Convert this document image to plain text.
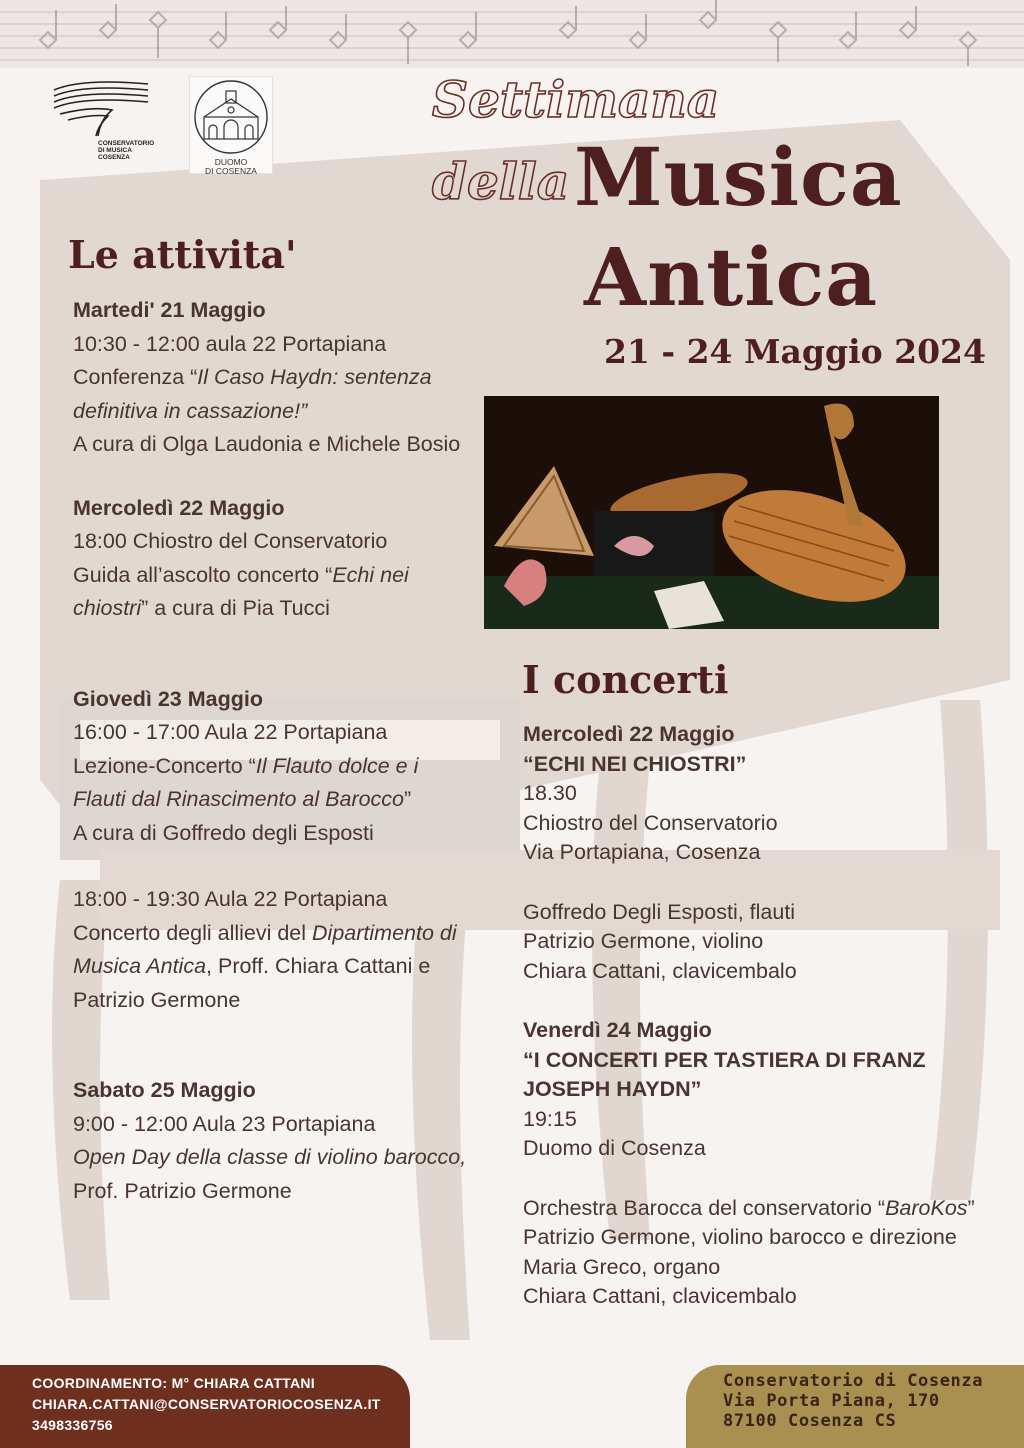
CONSERVATORIO
DI MUSICA
COSENZA	DUOMO
DI COSENZA
Settimana
della Musica
Antica
21 - 24 Maggio 2024
Le attivita'

Martedi' 21 Maggio

10:30 - 12:00 aula 22 Portapiana

Conferenza “Il Caso Haydn: sentenza definitiva in cassazione!”

A cura di Olga Laudonia e Michele Bosio

Mercoledì 22 Maggio

18:00 Chiostro del Conservatorio

Guida all’ascolto concerto “Echi nei chiostri” a cura di Pia Tucci

Giovedì 23 Maggio

16:00 - 17:00 Aula 22 Portapiana

Lezione-Concerto “Il Flauto dolce e i Flauti dal Rinascimento al Barocco”

A cura di Goffredo degli Esposti

18:00 - 19:30 Aula 22 Portapiana

Concerto degli allievi del Dipartimento di Musica Antica, Proff. Chiara Cattani e Patrizio Germone

Sabato 25 Maggio

9:00 - 12:00 Aula 23 Portapiana

Open Day della classe di violino barocco, Prof. Patrizio Germone

I concerti

Mercoledì 22 Maggio

“ECHI NEI CHIOSTRI”

18.30

Chiostro del Conservatorio

Via Portapiana, Cosenza

Goffredo Degli Esposti, flauti

Patrizio Germone, violino

Chiara Cattani, clavicembalo

Venerdì 24 Maggio

“I CONCERTI PER TASTIERA DI FRANZ JOSEPH HAYDN”

19:15

Duomo di Cosenza

Orchestra Barocca del conservatorio “BaroKos”

Patrizio Germone, violino barocco e direzione

Maria Greco, organo

Chiara Cattani, clavicembalo

COORDINAMENTO: M° CHIARA CATTANI
CHIARA.CATTANI@CONSERVATORIOCOSENZA.IT
3498336756
Conservatorio di Cosenza
Via Porta Piana, 170
87100 Cosenza CS
